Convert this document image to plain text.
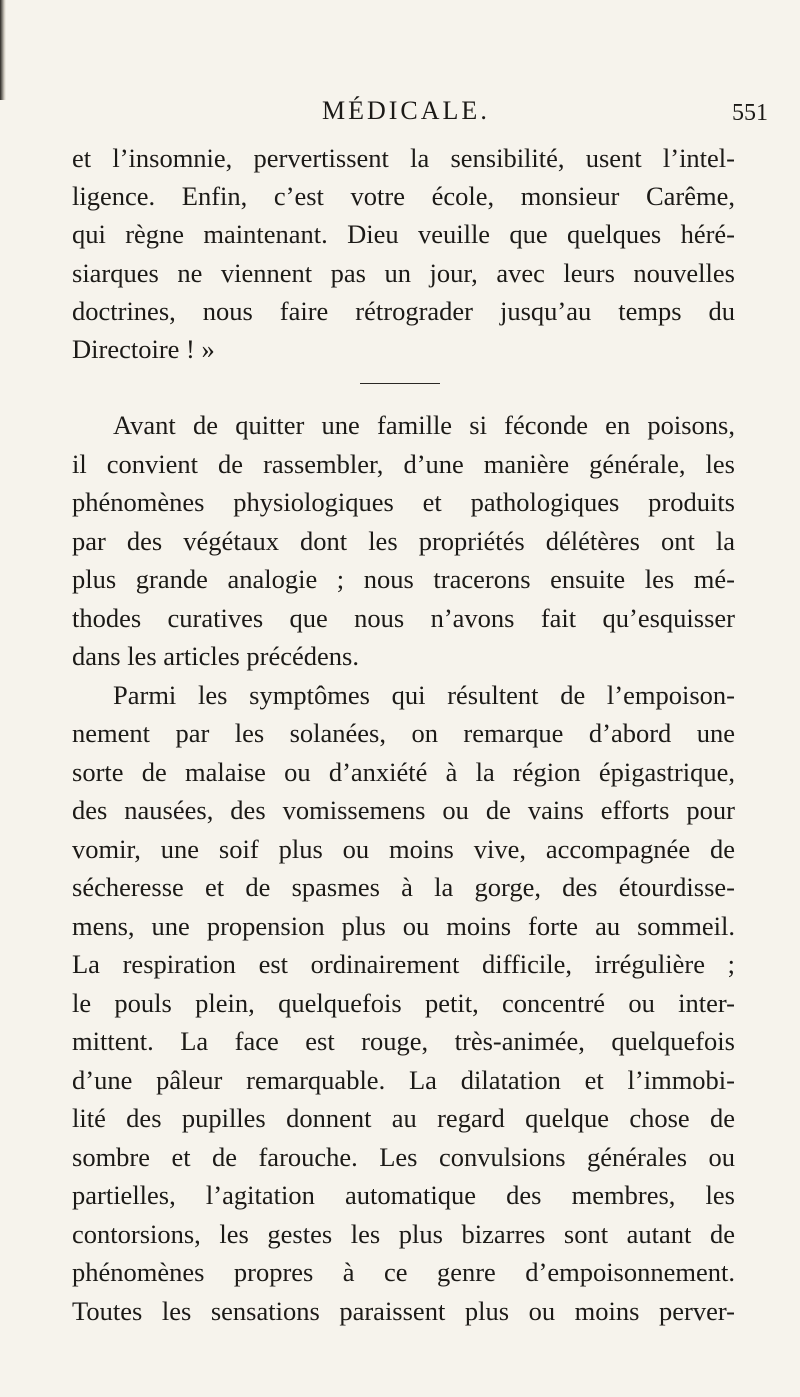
MÉDICALE.	551
et l’insomnie, pervertissent la sensibilité, usent l’intel-
ligence. Enfin, c’est votre école, monsieur Carême,
qui règne maintenant. Dieu veuille que quelques héré-
siarques ne viennent pas un jour, avec leurs nouvelles
doctrines, nous faire rétrograder jusqu’au temps du
Directoire ! »
Avant de quitter une famille si féconde en poisons,
il convient de rassembler, d’une manière générale, les
phénomènes physiologiques et pathologiques produits
par des végétaux dont les propriétés délétères ont la
plus grande analogie ; nous tracerons ensuite les mé-
thodes curatives que nous n’avons fait qu’esquisser
dans les articles précédens.
Parmi les symptômes qui résultent de l’empoison-
nement par les solanées, on remarque d’abord une
sorte de malaise ou d’anxiété à la région épigastrique,
des nausées, des vomissemens ou de vains efforts pour
vomir, une soif plus ou moins vive, accompagnée de
sécheresse et de spasmes à la gorge, des étourdisse-
mens, une propension plus ou moins forte au sommeil.
La respiration est ordinairement difficile, irrégulière ;
le pouls plein, quelquefois petit, concentré ou inter-
mittent. La face est rouge, très-animée, quelquefois
d’une pâleur remarquable. La dilatation et l’immobi-
lité des pupilles donnent au regard quelque chose de
sombre et de farouche. Les convulsions générales ou
partielles, l’agitation automatique des membres, les
contorsions, les gestes les plus bizarres sont autant de
phénomènes propres à ce genre d’empoisonnement.
Toutes les sensations paraissent plus ou moins perver-
